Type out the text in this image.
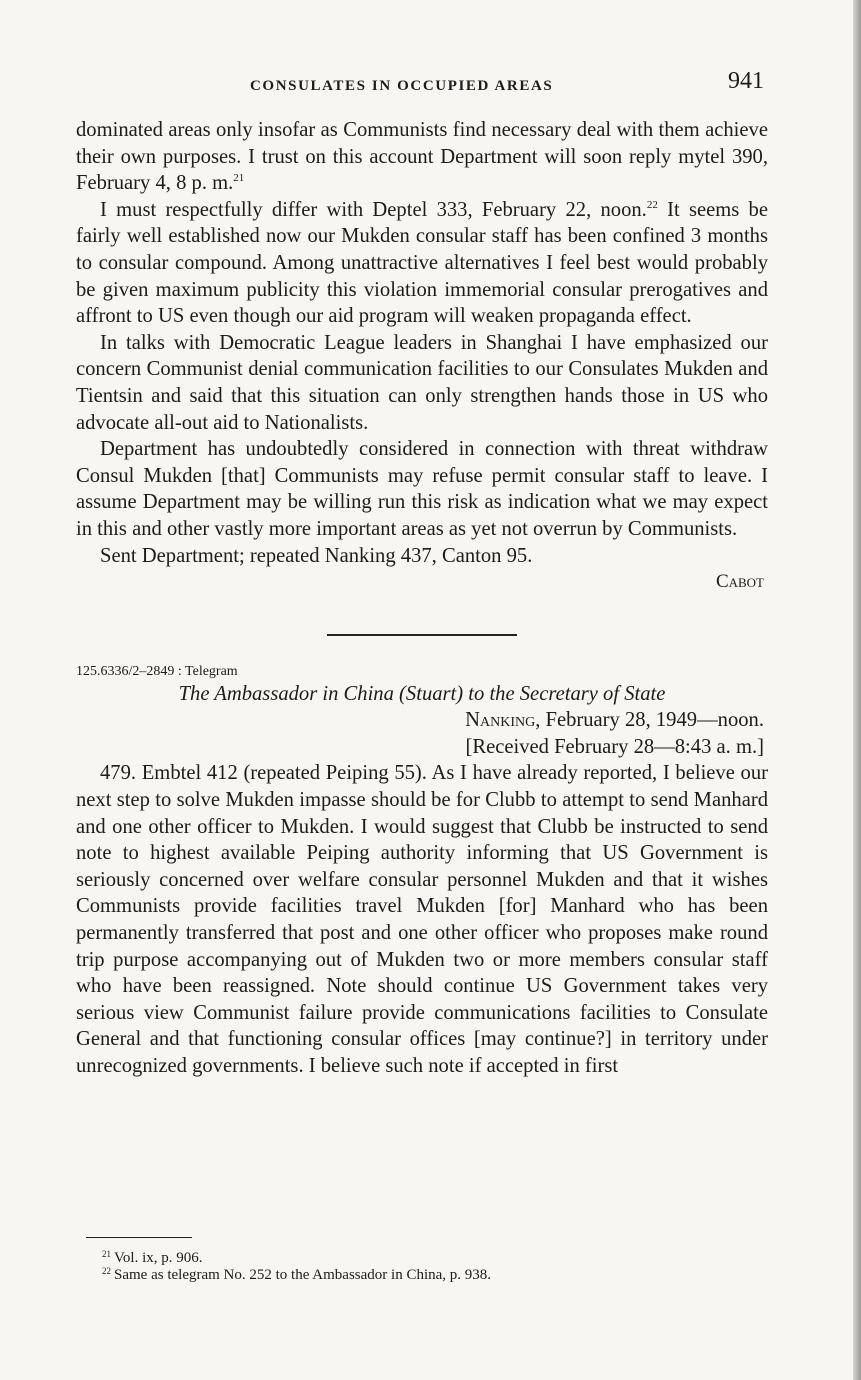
CONSULATES IN OCCUPIED AREAS	941

dominated areas only insofar as Communists find necessary deal with them achieve their own purposes. I trust on this account Department will soon reply mytel 390, February 4, 8 p. m.$^{21}$

I must respectfully differ with Deptel 333, February 22, noon.$^{22}$ It seems be fairly well established now our Mukden consular staff has been confined 3 months to consular compound. Among unattractive alternatives I feel best would probably be given maximum publicity this violation immemorial consular prerogatives and affront to US even though our aid program will weaken propaganda effect.

In talks with Democratic League leaders in Shanghai I have emphasized our concern Communist denial communication facilities to our Consulates Mukden and Tientsin and said that this situation can only strengthen hands those in US who advocate all-out aid to Nationalists.

Department has undoubtedly considered in connection with threat withdraw Consul Mukden [that] Communists may refuse permit consular staff to leave. I assume Department may be willing run this risk as indication what we may expect in this and other vastly more important areas as yet not overrun by Communists.

Sent Department; repeated Nanking 437, Canton 95.

Cabot

125.6336/2–2849 : Telegram

The Ambassador in China (Stuart) to the Secretary of State

Nanking, February 28, 1949—noon.

[Received February 28—8:43 a. m.]

479. Embtel 412 (repeated Peiping 55). As I have already reported, I believe our next step to solve Mukden impasse should be for Clubb to attempt to send Manhard and one other officer to Mukden. I would suggest that Clubb be instructed to send note to highest available Peiping authority informing that US Government is seriously concerned over welfare consular personnel Mukden and that it wishes Communists provide facilities travel Mukden [for] Manhard who has been permanently transferred that post and one other officer who proposes make round trip purpose accompanying out of Mukden two or more members consular staff who have been reassigned. Note should continue US Government takes very serious view Communist failure provide communications facilities to Consulate General and that functioning consular offices [may continue?] in territory under unrecognized governments. I believe such note if accepted in first

$^{21}$ Vol. ix, p. 906.
$^{22}$ Same as telegram No. 252 to the Ambassador in China, p. 938.
